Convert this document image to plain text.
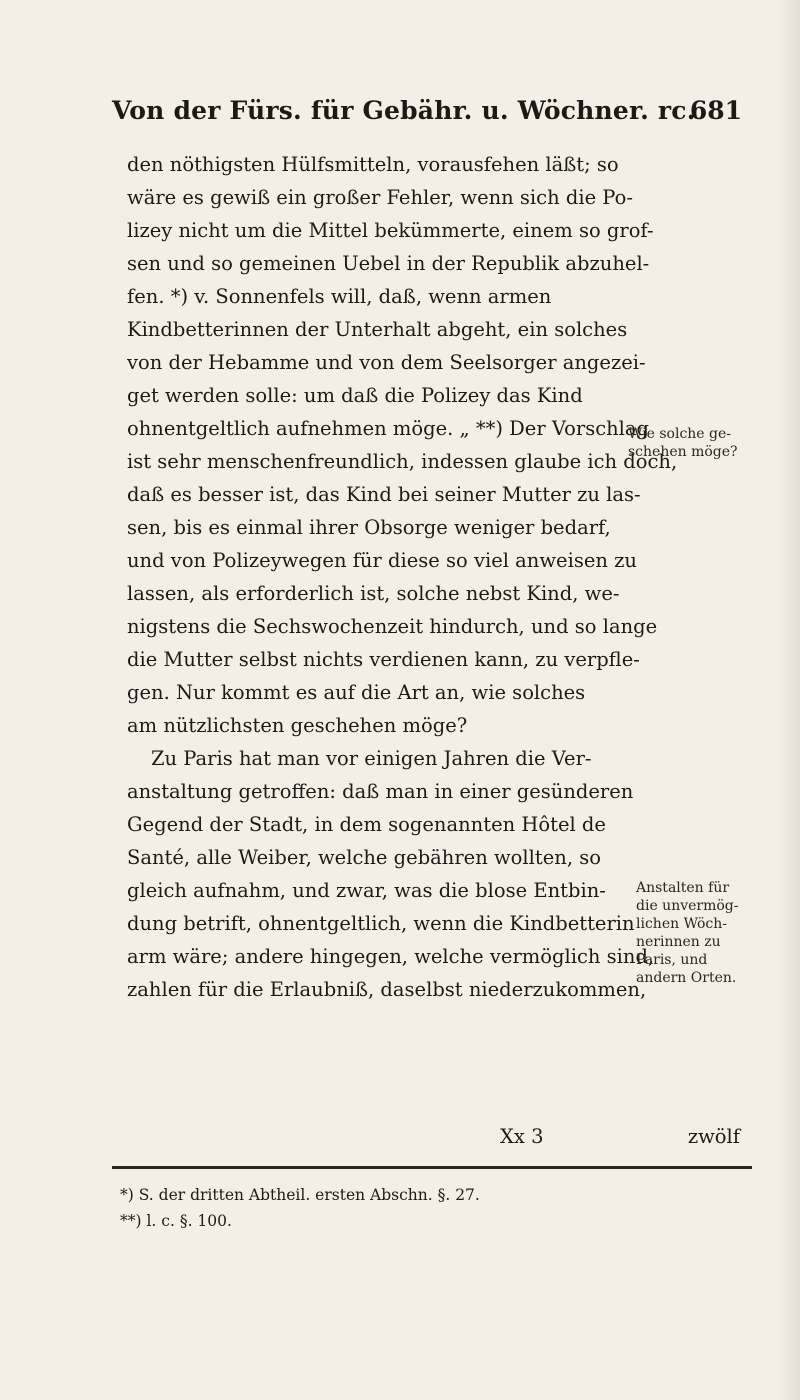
Von der Fürs. für Gebähr. u. Wöchner. rc.
681
den nöthigsten Hülfsmitteln, vorausfehen läßt; so
wäre es gewiß ein großer Fehler, wenn sich die Po-
lizey nicht um die Mittel bekümmerte, einem so grof-
sen und so gemeinen Uebel in der Republik abzuhel-
fen. *) v. Sonnenfels will, daß, wenn armen
Kindbetterinnen der Unterhalt abgeht, ein solches
von der Hebamme und von dem Seelsorger angezei-
get werden solle: um daß die Polizey das Kind
ohnentgeltlich aufnehmen möge. „ **) Der Vorschlag
ist sehr menschenfreundlich, indessen glaube ich doch,
daß es besser ist, das Kind bei seiner Mutter zu las-
sen, bis es einmal ihrer Obsorge weniger bedarf,
und von Polizeywegen für diese so viel anweisen zu
lassen, als erforderlich ist, solche nebst Kind, we-
nigstens die Sechswochenzeit hindurch, und so lange
die Mutter selbst nichts verdienen kann, zu verpfle-
gen. Nur kommt es auf die Art an, wie solches
am nützlichsten geschehen möge?
Zu Paris hat man vor einigen Jahren die Ver-
anstaltung getroffen: daß man in einer gesünderen
Gegend der Stadt, in dem sogenannten Hôtel de
Santé, alle Weiber, welche gebähren wollten, so
gleich aufnahm, und zwar, was die blose Entbin-
dung betrift, ohnentgeltlich, wenn die Kindbetterin
arm wäre; andere hingegen, welche vermöglich sind,
zahlen für die Erlaubniß, daselbst niederzukommen,
Wie solche ge-
schehen möge?
Anstalten für
die unvermög-
lichen Wöch-
nerinnen zu
Paris, und
andern Orten.
Xx 3	zwölf
*) S. der dritten Abtheil. ersten Abschn. §. 27.
**) l. c. §. 100.
